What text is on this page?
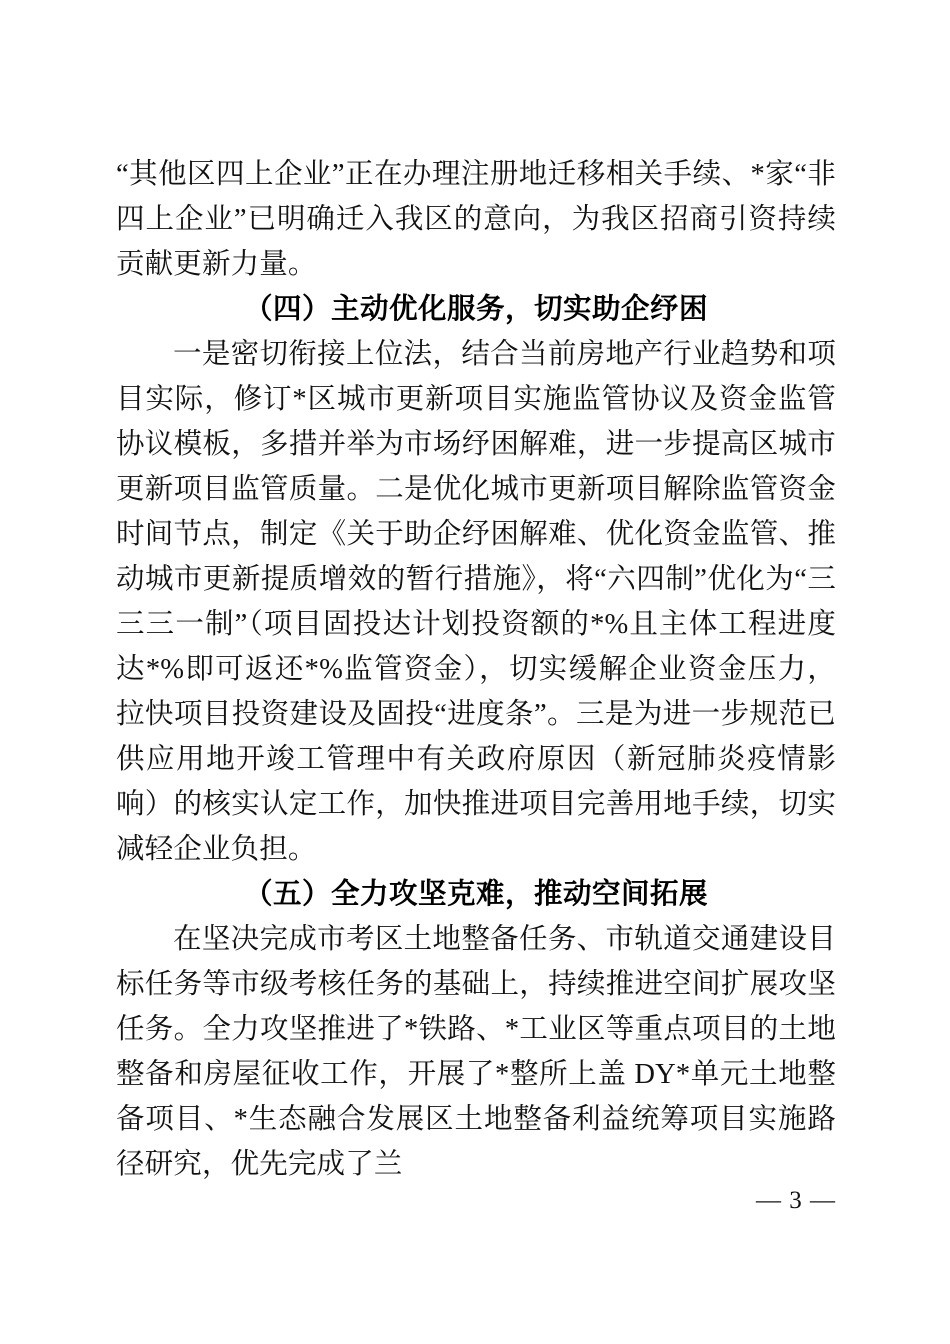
“其他区四上企业”正在办理注册地迁移相关手续、*家“非四上企业”已明确迁入我区的意向，为我区招商引资持续贡献更新力量。

（四）主动优化服务，切实助企纾困

一是密切衔接上位法，结合当前房地产行业趋势和项目实际，修订*区城市更新项目实施监管协议及资金监管协议模板，多措并举为市场纾困解难，进一步提高区城市更新项目监管质量。二是优化城市更新项目解除监管资金时间节点，制定《关于助企纾困解难、优化资金监管、推动城市更新提质增效的暂行措施》，将“六四制”优化为“三三三一制”（项目固投达计划投资额的*%且主体工程进度达*%即可返还*%监管资金），切实缓解企业资金压力，拉快项目投资建设及固投“进度条”。三是为进一步规范已供应用地开竣工管理中有关政府原因（新冠肺炎疫情影响）的核实认定工作，加快推进项目完善用地手续，切实减轻企业负担。

（五）全力攻坚克难，推动空间拓展

在坚决完成市考区土地整备任务、市轨道交通建设目标任务等市级考核任务的基础上，持续推进空间扩展攻坚任务。全力攻坚推进了*铁路、*工业区等重点项目的土地整备和房屋征收工作，开展了*整所上盖 DY*单元土地整备项目、*生态融合发展区土地整备利益统筹项目实施路径研究，优先完成了兰

— 3 —
